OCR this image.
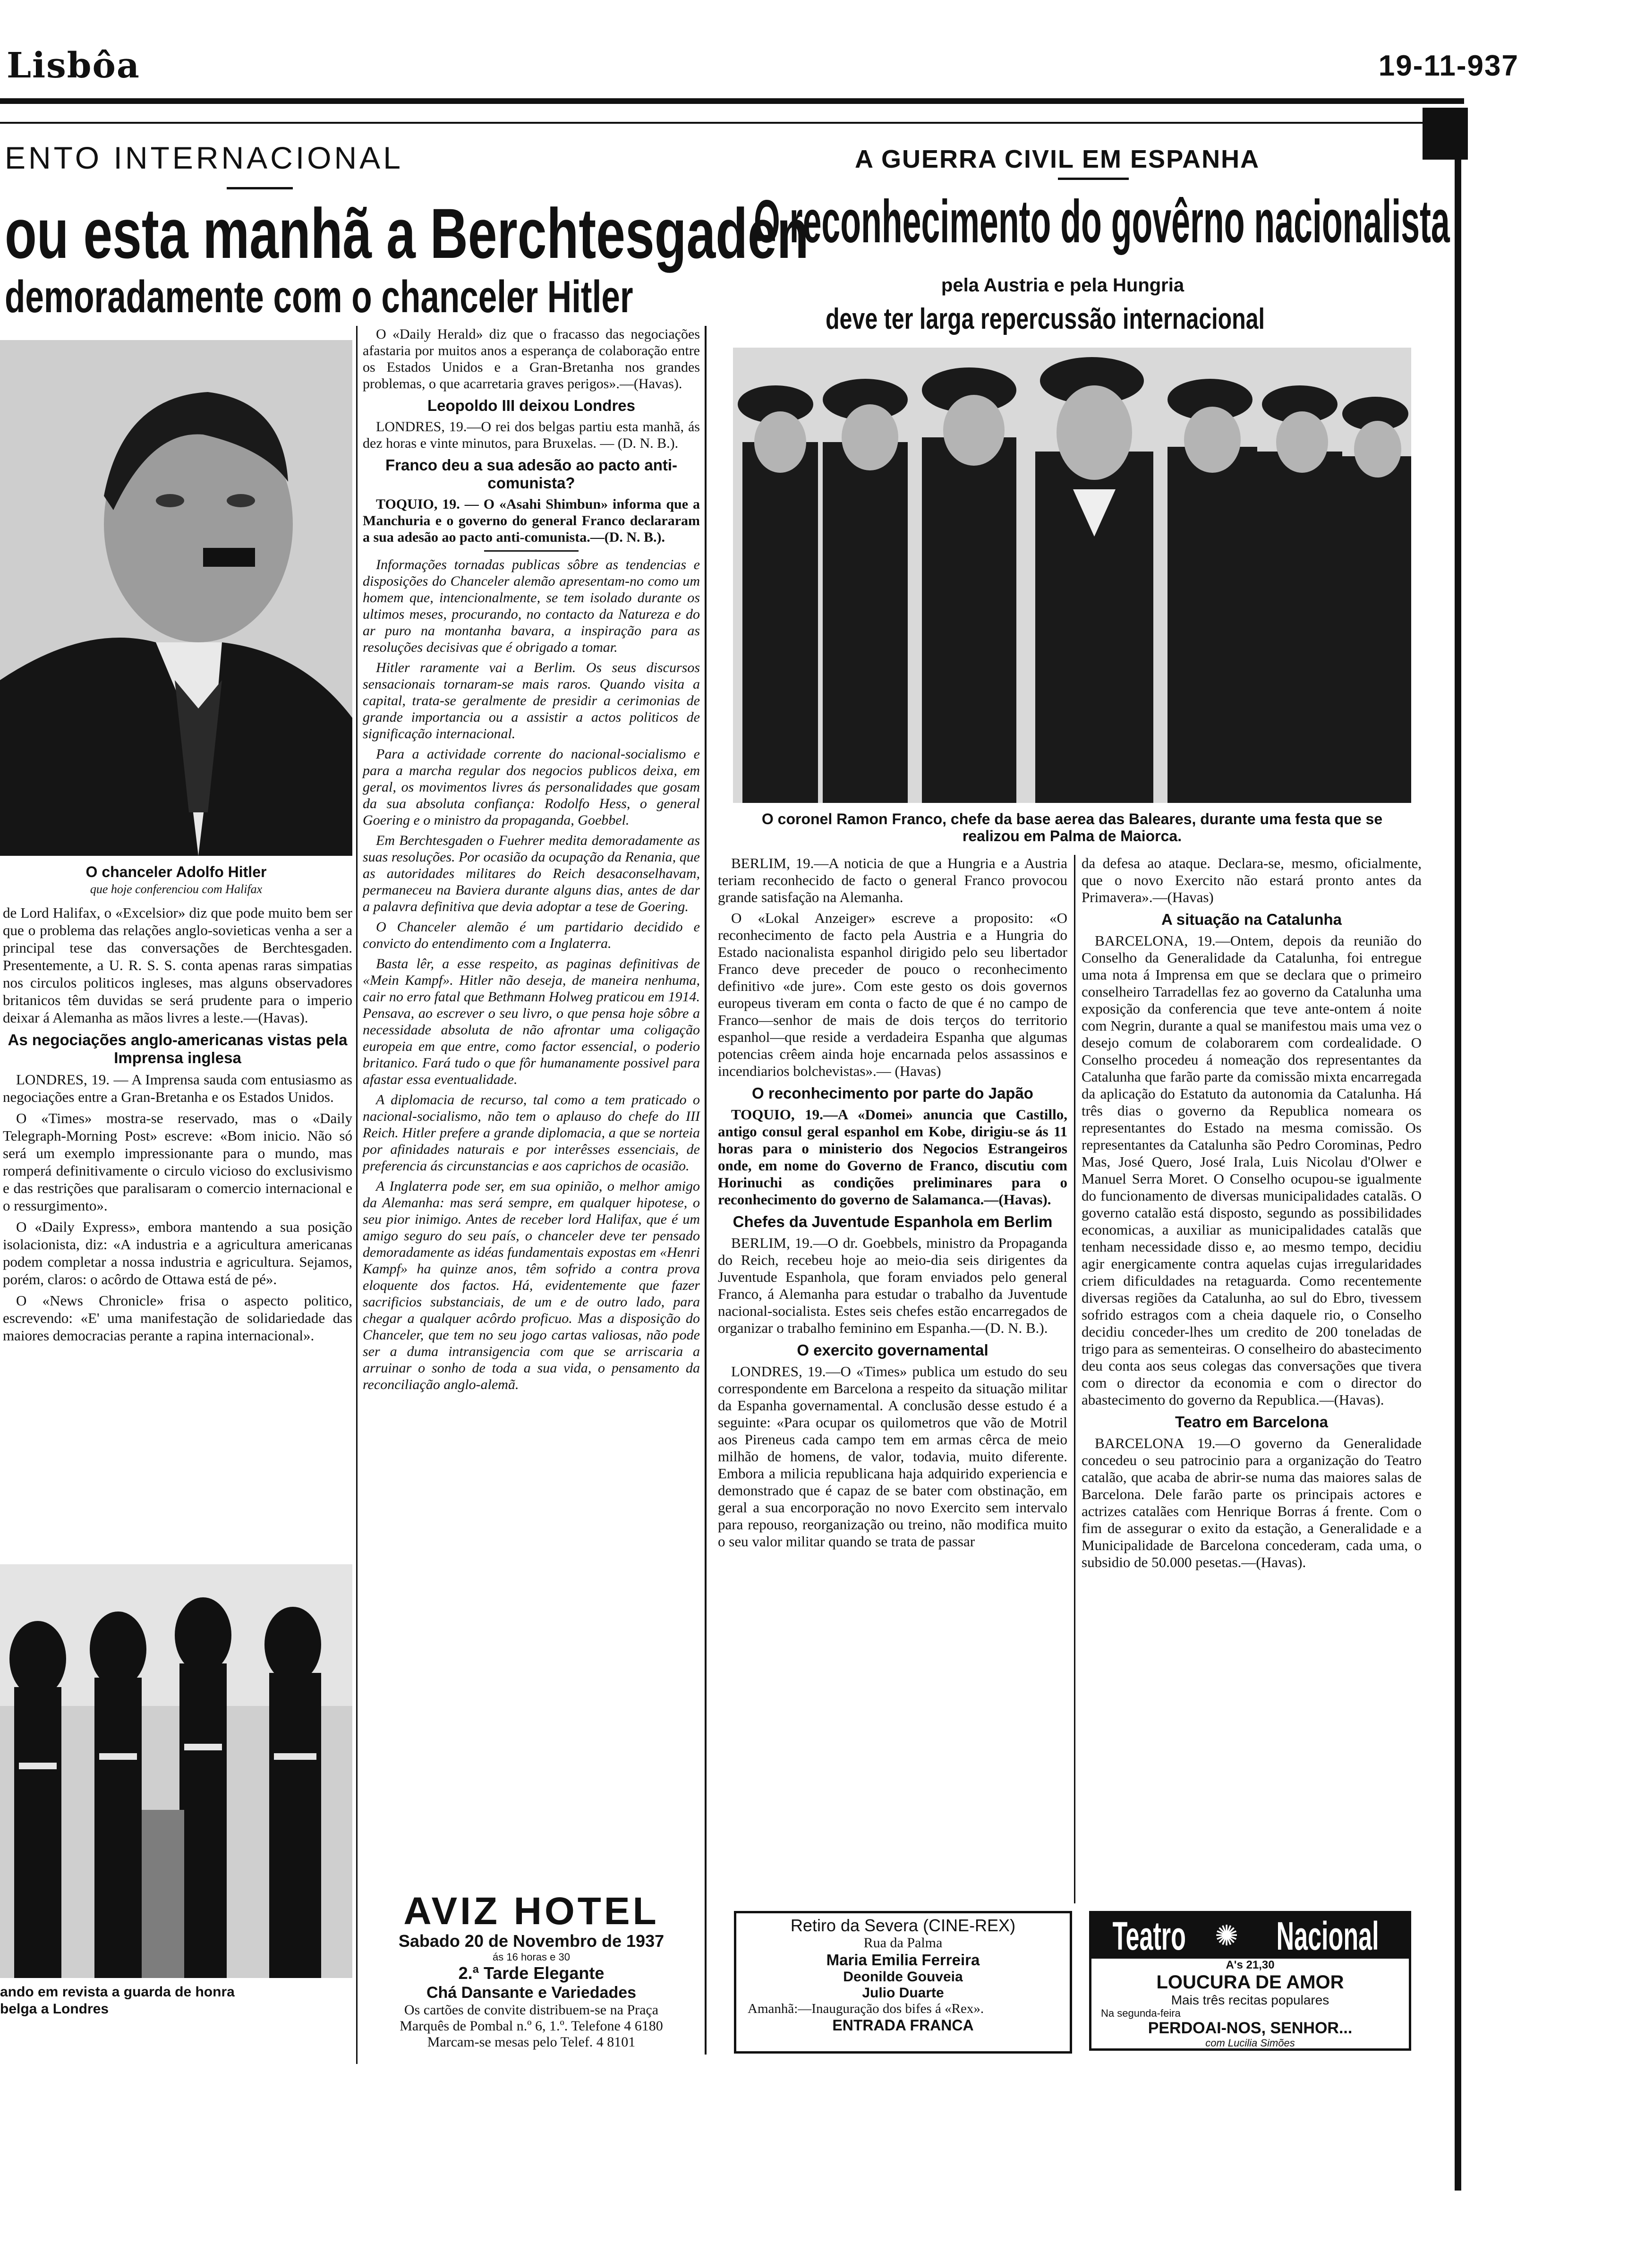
Lisbôa	19-11-937
ENTO INTERNACIONAL
ou esta manhã a Berchtesgaden
demoradamente com o chanceler Hitler
O chanceler Adolfo Hitler
que hoje conferenciou com Halifax

de Lord Halifax, o «Excelsior» diz que pode muito bem ser que o problema das relações anglo-sovieticas venha a ser a principal tese das conversações de Berchtesgaden. Presentemente, a U. R. S. S. conta apenas raras simpatias nos circulos politicos ingleses, mas alguns observadores britanicos têm duvidas se será prudente para o imperio deixar á Alemanha as mãos livres a leste.—(Havas).

As negociações anglo-americanas vistas pela Imprensa inglesa

LONDRES, 19. — A Imprensa sauda com entusiasmo as negociações entre a Gran-Bretanha e os Estados Unidos.

O «Times» mostra-se reservado, mas o «Daily Telegraph-Morning Post» escreve: «Bom inicio. Não só será um exemplo impressionante para o mundo, mas romperá definitivamente o circulo vicioso do exclusivismo e das restrições que paralisaram o comercio internacional e o ressurgimento».

O «Daily Express», embora mantendo a sua posição isolacionista, diz: «A industria e a agricultura americanas podem completar a nossa industria e agricultura. Sejamos, porém, claros: o acôrdo de Ottawa está de pé».

O «News Chronicle» frisa o aspecto politico, escrevendo: «E' uma manifestação de solidariedade das maiores democracias perante a rapina internacional».

ando em revista a guarda de honra
belga a Londres

O «Daily Herald» diz que o fracasso das negociações afastaria por muitos anos a esperança de colaboração entre os Estados Unidos e a Gran-Bretanha nos grandes problemas, o que acarretaria graves perigos».—(Havas).

Leopoldo III deixou Londres

LONDRES, 19.—O rei dos belgas partiu esta manhã, ás dez horas e vinte minutos, para Bruxelas. — (D. N. B.).

Franco deu a sua adesão ao pacto anti-comunista?

TOQUIO, 19. — O «Asahi Shimbun» informa que a Manchuria e o governo do general Franco declararam a sua adesão ao pacto anti-comunista.—(D. N. B.).

Informações tornadas publicas sôbre as tendencias e disposições do Chanceler alemão apresentam-no como um homem que, intencionalmente, se tem isolado durante os ultimos meses, procurando, no contacto da Natureza e do ar puro na montanha bavara, a inspiração para as resoluções decisivas que é obrigado a tomar.

Hitler raramente vai a Berlim. Os seus discursos sensacionais tornaram-se mais raros. Quando visita a capital, trata-se geralmente de presidir a cerimonias de grande importancia ou a assistir a actos politicos de significação internacional.

Para a actividade corrente do nacional-socialismo e para a marcha regular dos negocios publicos deixa, em geral, os movimentos livres ás personalidades que gosam da sua absoluta confiança: Rodolfo Hess, o general Goering e o ministro da propaganda, Goebbel.

Em Berchtesgaden o Fuehrer medita demoradamente as suas resoluções. Por ocasião da ocupação da Renania, que as autoridades militares do Reich desaconselhavam, permaneceu na Baviera durante alguns dias, antes de dar a palavra definitiva que devia adoptar a tese de Goering.

O Chanceler alemão é um partidario decidido e convicto do entendimento com a Inglaterra.

Basta lêr, a esse respeito, as paginas definitivas de «Mein Kampf». Hitler não deseja, de maneira nenhuma, cair no erro fatal que Bethmann Holweg praticou em 1914. Pensava, ao escrever o seu livro, o que pensa hoje sôbre a necessidade absoluta de não afrontar uma coligação europeia em que entre, como factor essencial, o poderio britanico. Fará tudo o que fôr humanamente possivel para afastar essa eventualidade.

A diplomacia de recurso, tal como a tem praticado o nacional-socialismo, não tem o aplauso do chefe do III Reich. Hitler prefere a grande diplomacia, a que se norteia por afinidades naturais e por interêsses essenciais, de preferencia ás circunstancias e aos caprichos de ocasião.

A Inglaterra pode ser, em sua opinião, o melhor amigo da Alemanha: mas será sempre, em qualquer hipotese, o seu pior inimigo. Antes de receber lord Halifax, que é um amigo seguro do seu país, o chanceler deve ter pensado demoradamente as idéas fundamentais expostas em «Henri Kampf» ha quinze anos, têm sofrido a contra prova eloquente dos factos. Há, evidentemente que fazer sacrificios substanciais, de um e de outro lado, para chegar a qualquer acôrdo proficuo. Mas a disposição do Chanceler, que tem no seu jogo cartas valiosas, não pode ser a duma intransigencia com que se arriscaria a arruinar o sonho de toda a sua vida, o pensamento da reconciliação anglo-alemã.

AVIZ HOTEL
Sabado 20 de Novembro de 1937
ás 16 horas e 30
2.ª Tarde Elegante
Chá Dansante e Variedades
Os cartões de convite distribuem-se na Praça Marquês de Pombal n.º 6, 1.º. Telefone 4 6180
Marcam-se mesas pelo Telef. 4 8101
A GUERRA CIVIL EM ESPANHA
O reconhecimento do govêrno nacionalista
pela Austria e pela Hungria
deve ter larga repercussão internacional
O coronel Ramon Franco, chefe da base aerea das Baleares, durante uma festa que se realizou em Palma de Maiorca.

BERLIM, 19.—A noticia de que a Hungria e a Austria teriam reconhecido de facto o general Franco provocou grande satisfação na Alemanha.

O «Lokal Anzeiger» escreve a proposito: «O reconhecimento de facto pela Austria e a Hungria do Estado nacionalista espanhol dirigido pelo seu libertador Franco deve preceder de pouco o reconhecimento definitivo «de jure». Com este gesto os dois governos europeus tiveram em conta o facto de que é no campo de Franco—senhor de mais de dois terços do territorio espanhol—que reside a verdadeira Espanha que algumas potencias crêem ainda hoje encarnada pelos assassinos e incendiarios bolchevistas».— (Havas)

O reconhecimento por parte do Japão

TOQUIO, 19.—A «Domei» anuncia que Castillo, antigo consul geral espanhol em Kobe, dirigiu-se ás 11 horas para o ministerio dos Negocios Estrangeiros onde, em nome do Governo de Franco, discutiu com Horinuchi as condições preliminares para o reconhecimento do governo de Salamanca.—(Havas).

Chefes da Juventude Espanhola em Berlim

BERLIM, 19.—O dr. Goebbels, ministro da Propaganda do Reich, recebeu hoje ao meio-dia seis dirigentes da Juventude Espanhola, que foram enviados pelo general Franco, á Alemanha para estudar o trabalho da Juventude nacional-socialista. Estes seis chefes estão encarregados de organizar o trabalho feminino em Espanha.—(D. N. B.).

O exercito governamental

LONDRES, 19.—O «Times» publica um estudo do seu correspondente em Barcelona a respeito da situação militar da Espanha governamental. A conclusão desse estudo é a seguinte: «Para ocupar os quilometros que vão de Motril aos Pireneus cada campo tem em armas cêrca de meio milhão de homens, de valor, todavia, muito diferente. Embora a milicia republicana haja adquirido experiencia e demonstrado que é capaz de se bater com obstinação, em geral a sua encorporação no novo Exercito sem intervalo para repouso, reorganização ou treino, não modifica muito o seu valor militar quando se trata de passar

da defesa ao ataque. Declara-se, mesmo, oficialmente, que o novo Exercito não estará pronto antes da Primavera».—(Havas)

A situação na Catalunha

BARCELONA, 19.—Ontem, depois da reunião do Conselho da Generalidade da Catalunha, foi entregue uma nota á Imprensa em que se declara que o primeiro conselheiro Tarradellas fez ao governo da Catalunha uma exposição da conferencia que teve ante-ontem á noite com Negrin, durante a qual se manifestou mais uma vez o desejo comum de colaborarem com cordealidade. O Conselho procedeu á nomeação dos representantes da Catalunha que farão parte da comissão mixta encarregada da aplicação do Estatuto da autonomia da Catalunha. Há três dias o governo da Republica nomeara os representantes do Estado na mesma comissão. Os representantes da Catalunha são Pedro Corominas, Pedro Mas, José Quero, José Irala, Luis Nicolau d'Olwer e Manuel Serra Moret. O Conselho ocupou-se igualmente do funcionamento de diversas municipalidades catalãs. O governo catalão está disposto, segundo as possibilidades economicas, a auxiliar as municipalidades catalãs que tenham necessidade disso e, ao mesmo tempo, decidiu agir energicamente contra aquelas cujas irregularidades criem dificuldades na retaguarda. Como recentemente diversas regiões da Catalunha, ao sul do Ebro, tivessem sofrido estragos com a cheia daquele rio, o Conselho decidiu conceder-lhes um credito de 200 toneladas de trigo para as sementeiras. O conselheiro do abastecimento deu conta aos seus colegas das conversações que tivera com o director da economia e com o director do abastecimento do governo da Republica.—(Havas).

Teatro em Barcelona

BARCELONA 19.—O governo da Generalidade concedeu o seu patrocinio para a organização do Teatro catalão, que acaba de abrir-se numa das maiores salas de Barcelona. Dele farão parte os principais actores e actrizes catalães com Henrique Borras á frente. Com o fim de assegurar o exito da estação, a Generalidade e a Municipalidade de Barcelona concederam, cada uma, o subsidio de 50.000 pesetas.—(Havas).

Retiro da Severa (CINE-REX)
Rua da Palma
Maria Emilia Ferreira
Deonilde Gouveia
Julio Duarte
Amanhã:—Inauguração dos bifes á «Rex».
ENTRADA FRANCA
Teatro ✺ Nacional
A's 21,30
LOUCURA DE AMOR
Mais três recitas populares
Na segunda-feira
PERDOAI-NOS, SENHOR...
com Lucilia Simões
